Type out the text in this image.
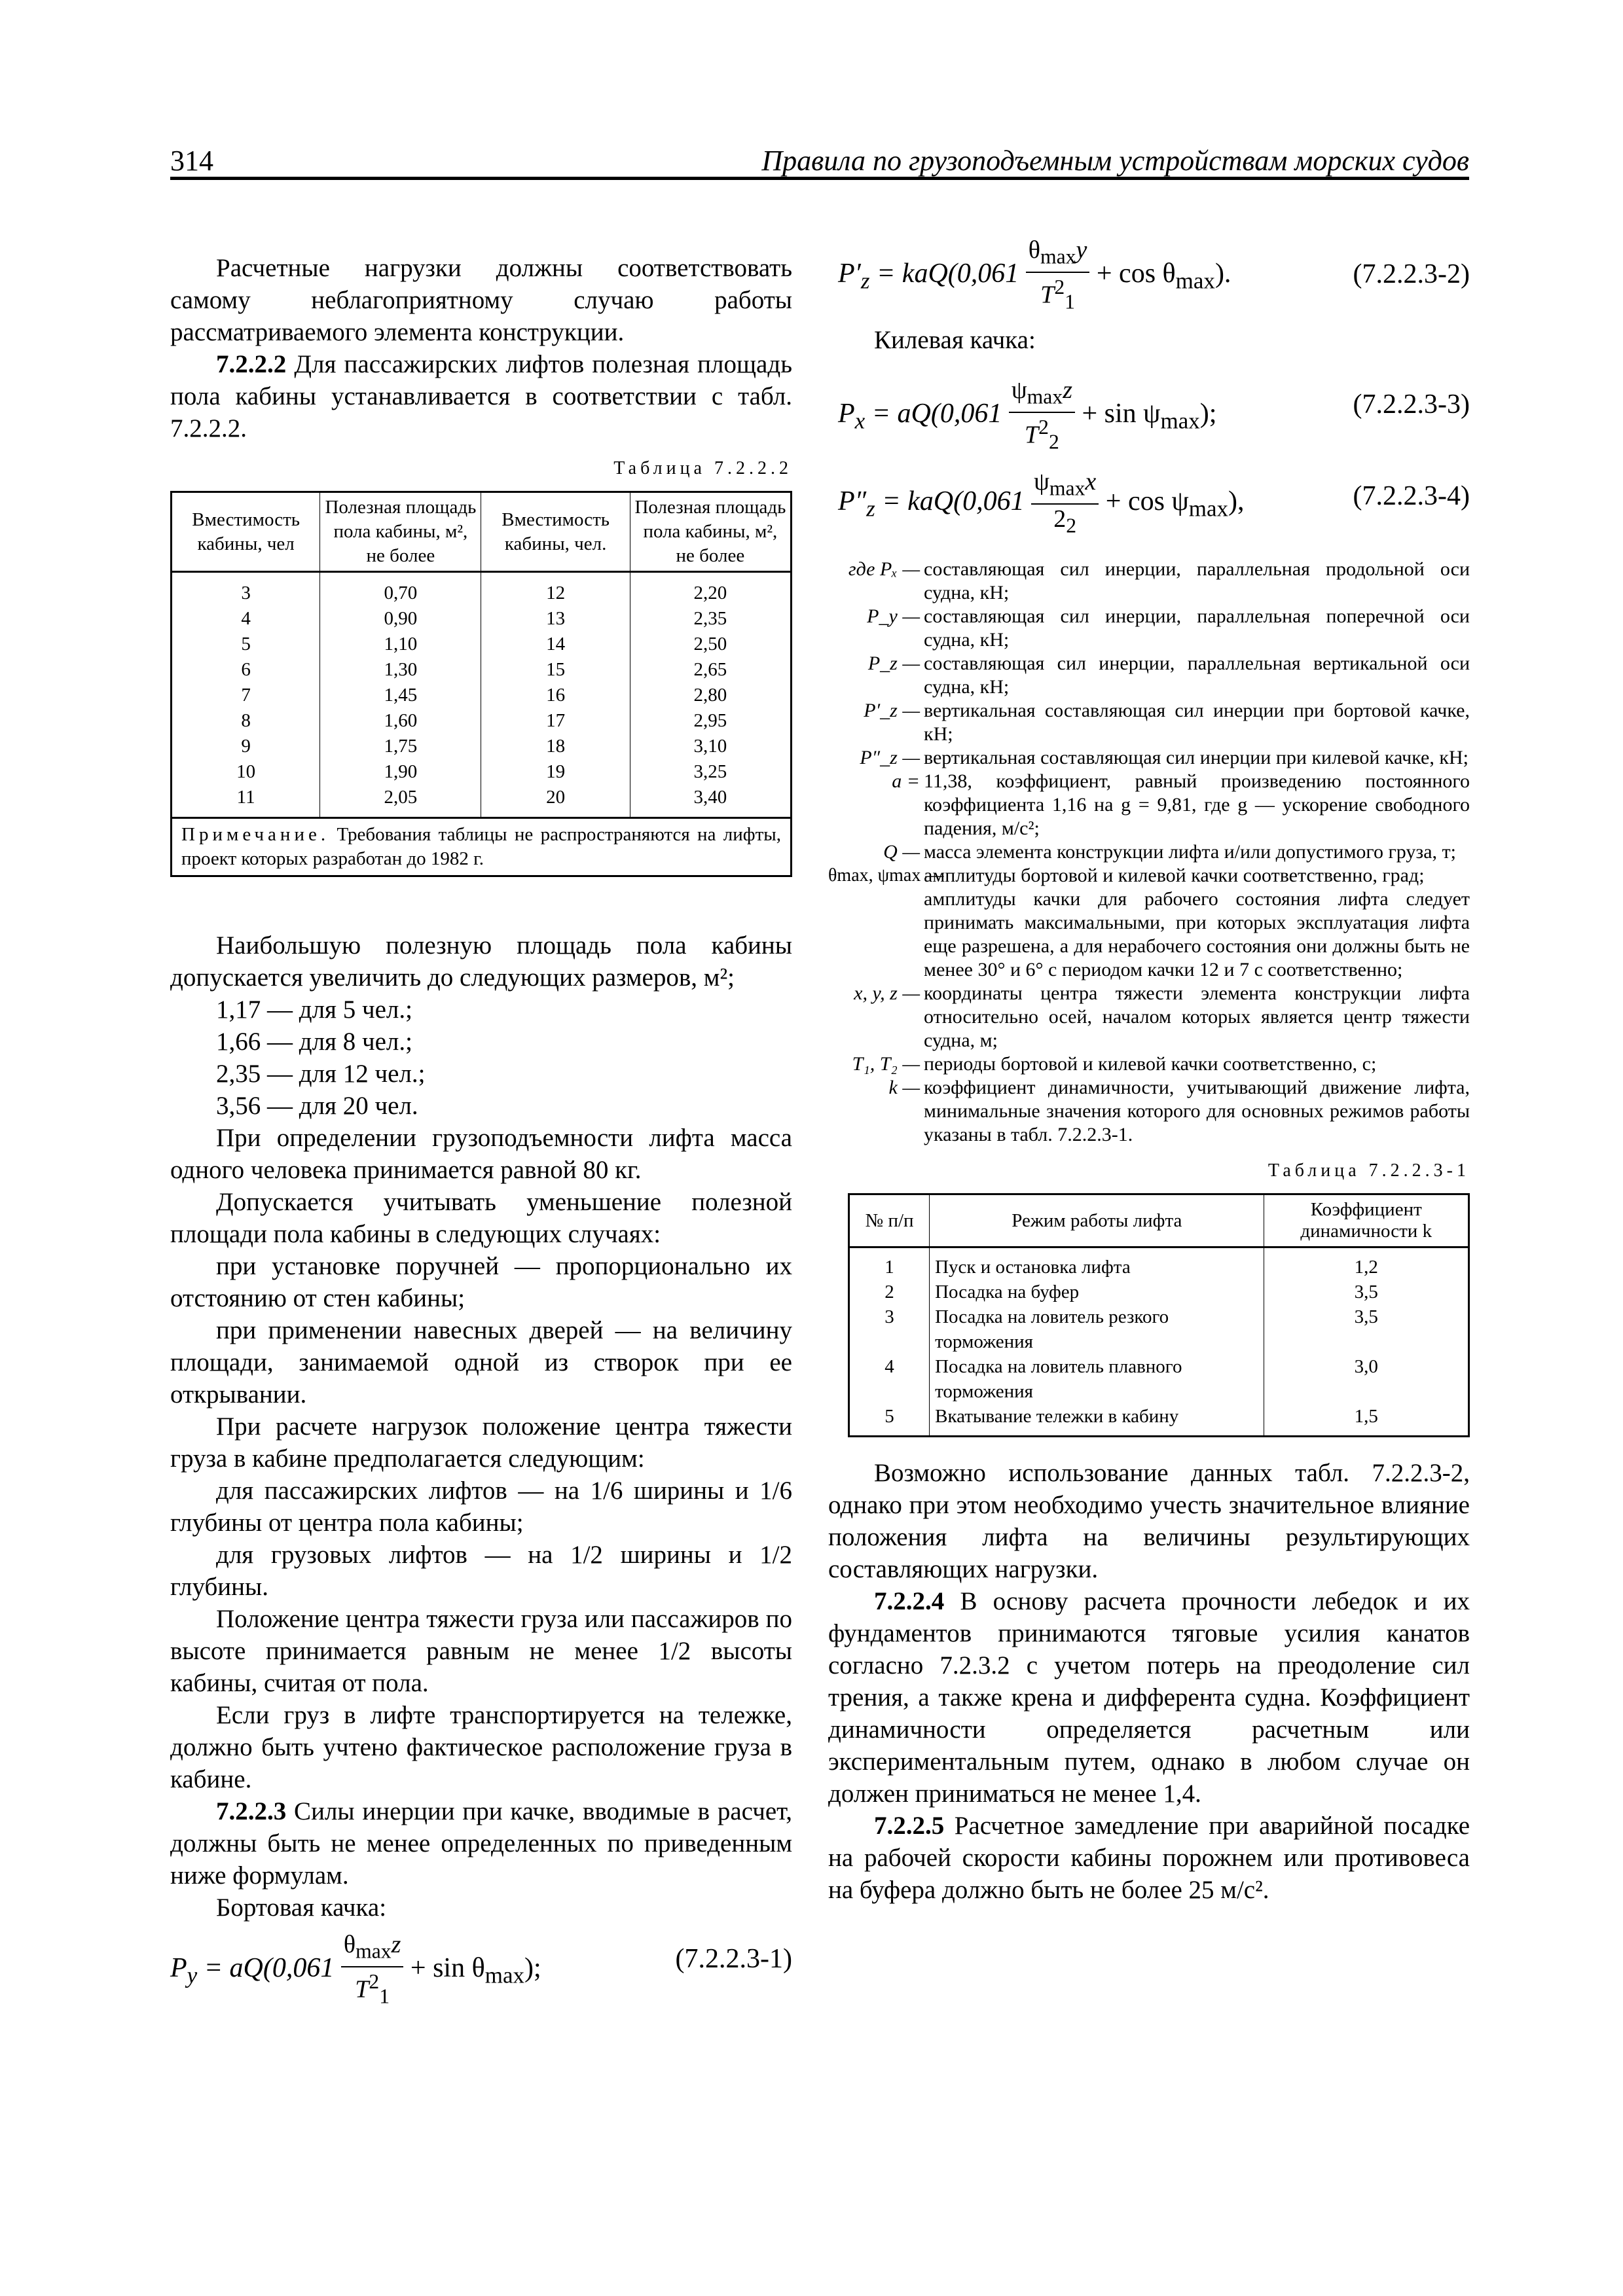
314	Правила по грузоподъемным устройствам морских судов

Расчетные нагрузки должны соответствовать самому неблагоприятному случаю работы рассматриваемого элемента конструкции.

7.2.2.2 Для пассажирских лифтов полезная площадь пола кабины устанавливается в соответствии с табл. 7.2.2.2.

Таблица 7.2.2.2
Вместимость кабины, чел	Полезная площадь пола кабины, м², не более	Вместимость кабины, чел.	Полезная площадь пола кабины, м², не более
3	0,70	12	2,20
4	0,90	13	2,35
5	1,10	14	2,50
6	1,30	15	2,65
7	1,45	16	2,80
8	1,60	17	2,95
9	1,75	18	3,10
10	1,90	19	3,25
11	2,05	20	3,40
Примечание. Требования таблицы не распространяются на лифты, проект которых разработан до 1982 г.			

Наибольшую полезную площадь пола кабины допускается увеличить до следующих размеров, м²;

1,17 — для 5 чел.;
1,66 — для 8 чел.;
2,35 — для 12 чел.;
3,56 — для 20 чел.

При определении грузоподъемности лифта масса одного человека принимается равной 80 кг.

Допускается учитывать уменьшение полезной площади пола кабины в следующих случаях:

при установке поручней — пропорционально их отстоянию от стен кабины;

при применении навесных дверей — на величину площади, занимаемой одной из створок при ее открывании.

При расчете нагрузок положение центра тяжести груза в кабине предполагается следующим:

для пассажирских лифтов — на 1/6 ширины и 1/6 глубины от центра пола кабины;

для грузовых лифтов — на 1/2 ширины и 1/2 глубины.

Положение центра тяжести груза или пассажиров по высоте принимается равным не менее 1/2 высоты кабины, считая от пола.

Если груз в лифте транспортируется на тележке, должно быть учтено фактическое расположение груза в кабине.

7.2.2.3 Силы инерции при качке, вводимые в расчет, должны быть не менее определенных по приведенным ниже формулам.

Бортовая качка:

$P_y = aQ(0,061 \frac{\theta_{max}z}{T^2_1} + \sin \theta_{max})$;	(7.2.2.3-1)
$P'_z = kaQ(0,061 \frac{\theta_{max}y}{T^2_1} + \cos \theta_{max})$.	(7.2.2.3-2)

Килевая качка:

$P_x = aQ(0,061 \frac{\psi_{max}z}{T^2_2} + \sin \psi_{max})$;	(7.2.2.3-3)
$P''_z = kaQ(0,061 \frac{\psi_{max}x}{2_2} + \cos \psi_{max})$,	(7.2.2.3-4)
где Pₓ — составляющая сил инерции, параллельная продольной оси судна, кН;
P_y — составляющая сил инерции, параллельная поперечной оси судна, кН;
P_z — составляющая сил инерции, параллельная вертикальной оси судна, кН;
P′_z — вертикальная составляющая сил инерции при бортовой качке, кН;
P″_z — вертикальная составляющая сил инерции при килевой качке, кН;
a = 11,38, коэффициент, равный произведению постоянного коэффициента 1,16 на g = 9,81, где g — ускорение свободного падения, м/с²;
Q — масса элемента конструкции лифта и/или допустимого груза, т;
θmax, ψmax —
амплитуды бортовой и килевой качки соответственно, град;
амплитуды качки для рабочего состояния лифта следует принимать максимальными, при которых эксплуатация лифта еще разрешена, а для нерабочего состояния они должны быть не менее 30° и 6° с периодом качки 12 и 7 с соответственно;
x, y, z — координаты центра тяжести элемента конструкции лифта относительно осей, началом которых является центр тяжести судна, м;
T₁, T₂ — периоды бортовой и килевой качки соответственно, с;
k — коэффициент динамичности, учитывающий движение лифта, минимальные значения которого для основных режимов работы указаны в табл. 7.2.2.3-1.
Таблица 7.2.2.3-1
№ п/п	Режим работы лифта	Коэффициент динамичности k
1	Пуск и остановка лифта	1,2
2	Посадка на буфер	3,5
3	Посадка на ловитель резкого торможения	3,5
4	Посадка на ловитель плавного торможения	3,0
5	Вкатывание тележки в кабину	1,5

Возможно использование данных табл. 7.2.2.3-2, однако при этом необходимо учесть значительное влияние положения лифта на величины результирующих составляющих нагрузки.

7.2.2.4 В основу расчета прочности лебедок и их фундаментов принимаются тяговые усилия канатов согласно 7.2.3.2 с учетом потерь на преодоление сил трения, а также крена и дифферента судна. Коэффициент динамичности определяется расчетным или экспериментальным путем, однако в любом случае он должен приниматься не менее 1,4.

7.2.2.5 Расчетное замедление при аварийной посадке на рабочей скорости кабины порожнем или противовеса на буфера должно быть не более 25 м/с².
